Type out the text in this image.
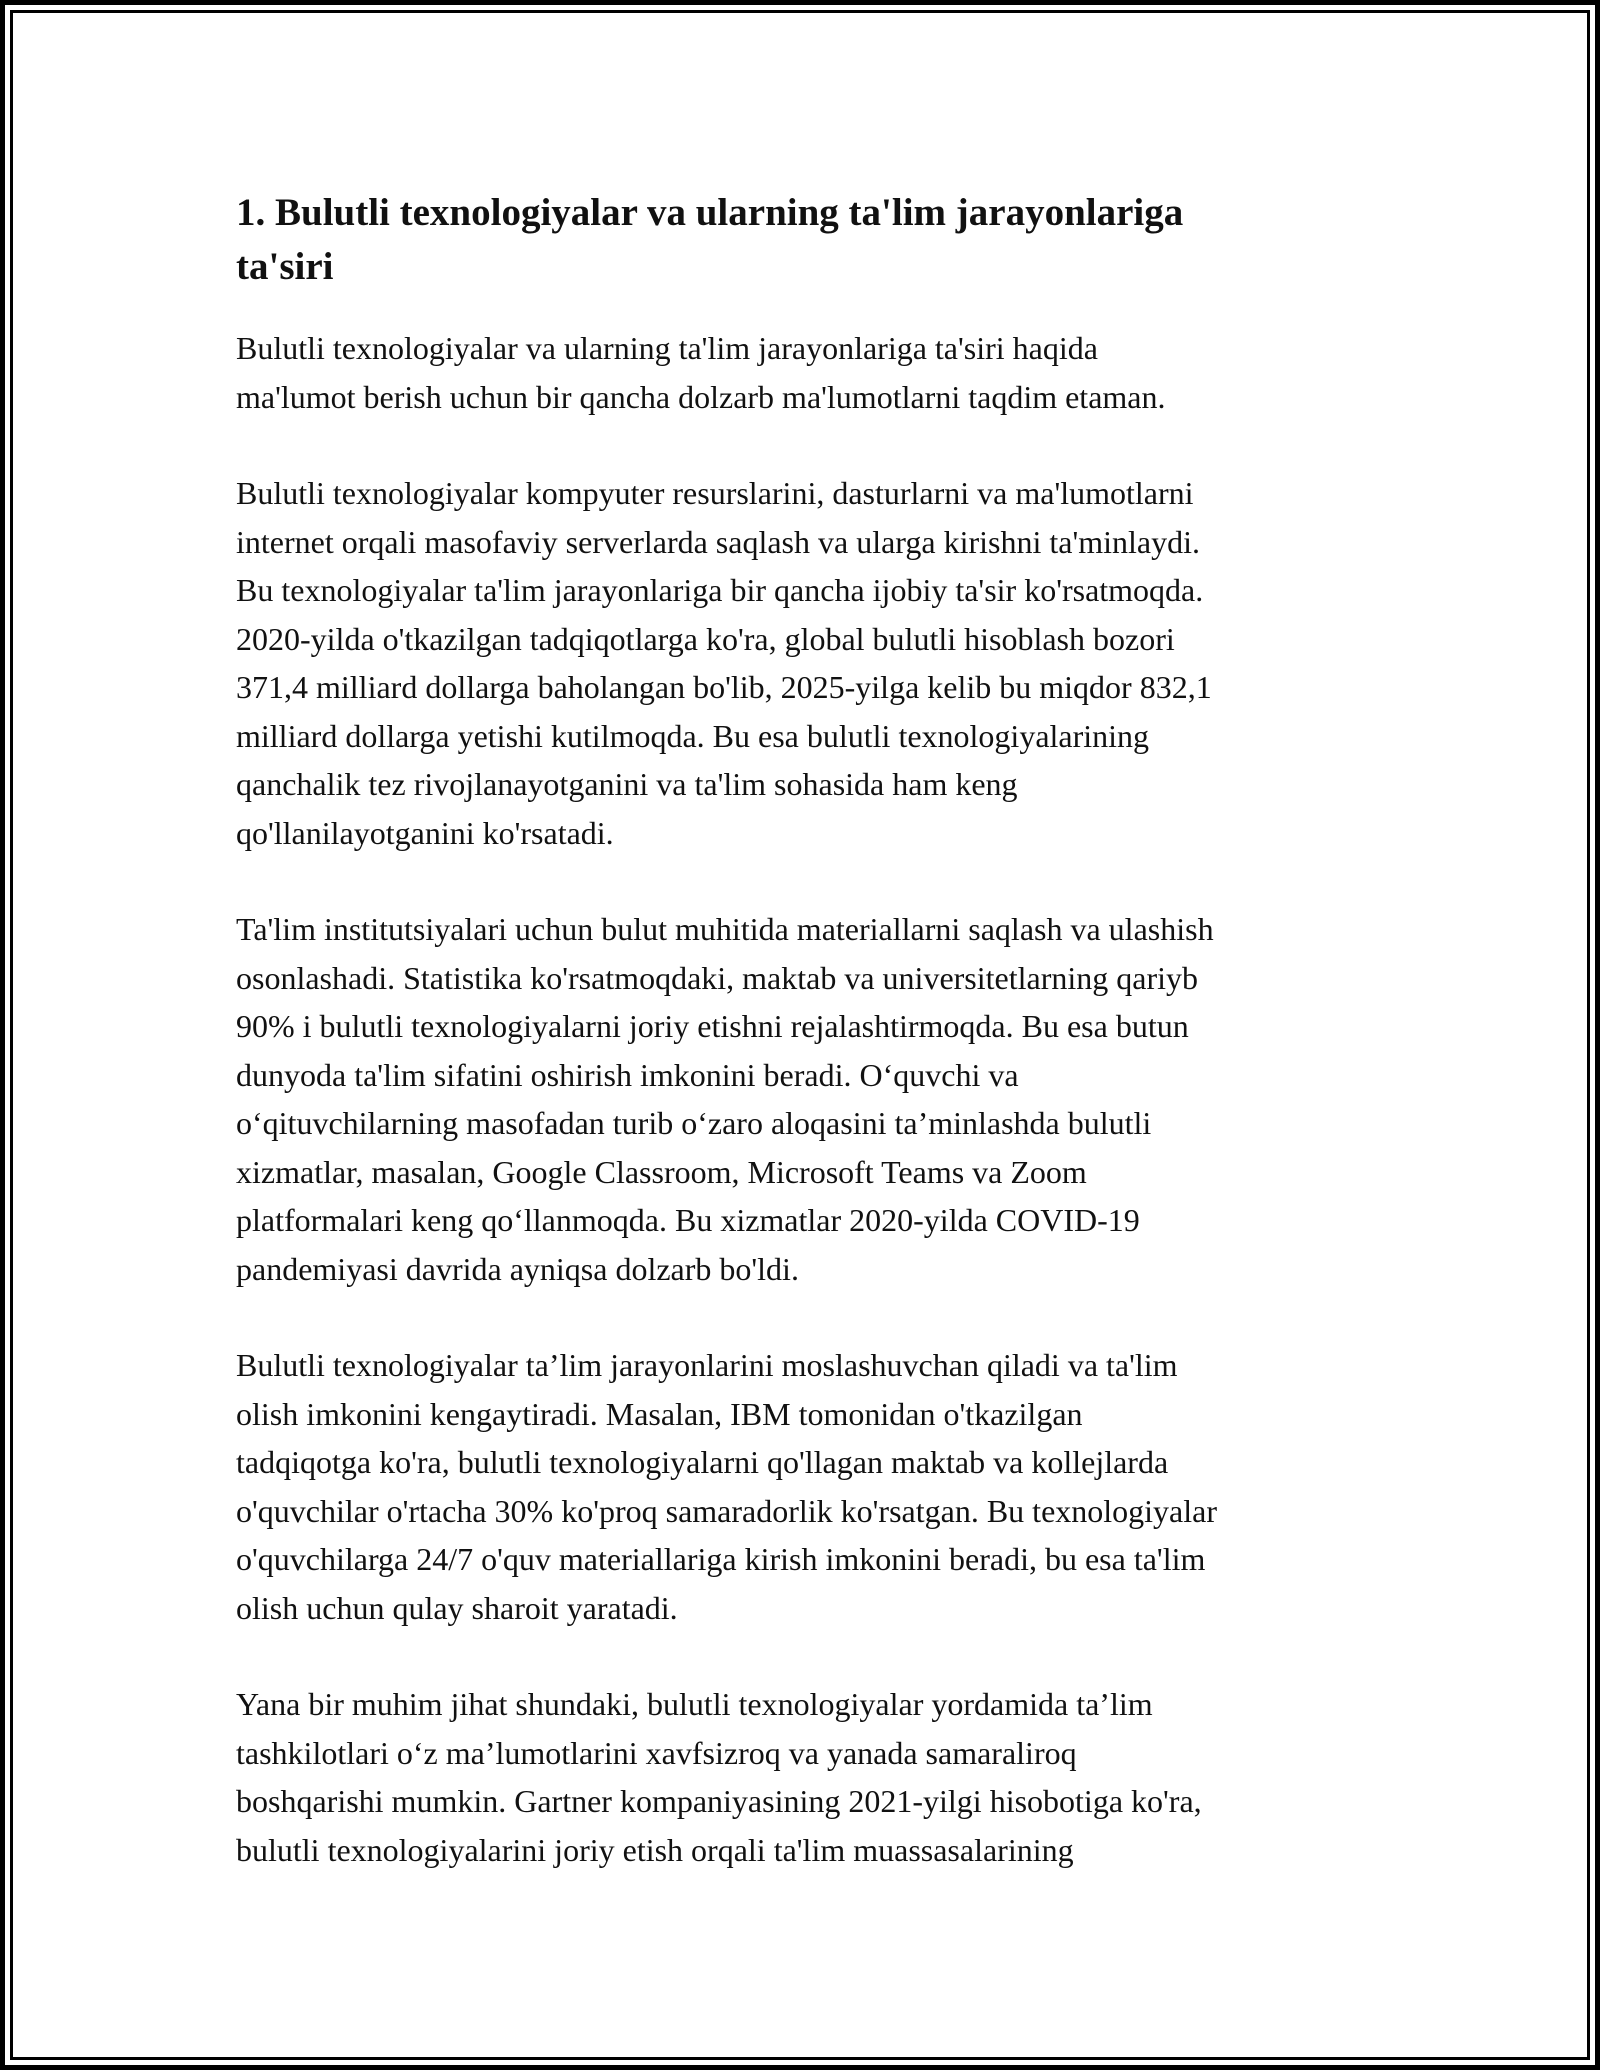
1. Bulutli texnologiyalar va ularning ta'lim jarayonlariga
ta'siri

Bulutli texnologiyalar va ularning ta'lim jarayonlariga ta'siri haqida
ma'lumot berish uchun bir qancha dolzarb ma'lumotlarni taqdim etaman.

Bulutli texnologiyalar kompyuter resurslarini, dasturlarni va ma'lumotlarni
internet orqali masofaviy serverlarda saqlash va ularga kirishni ta'minlaydi.
Bu texnologiyalar ta'lim jarayonlariga bir qancha ijobiy ta'sir ko'rsatmoqda.
2020-yilda o'tkazilgan tadqiqotlarga ko'ra, global bulutli hisoblash bozori
371,4 milliard dollarga baholangan bo'lib, 2025-yilga kelib bu miqdor 832,1
milliard dollarga yetishi kutilmoqda. Bu esa bulutli texnologiyalarining
qanchalik tez rivojlanayotganini va ta'lim sohasida ham keng
qo'llanilayotganini ko'rsatadi.

Ta'lim institutsiyalari uchun bulut muhitida materiallarni saqlash va ulashish
osonlashadi. Statistika ko'rsatmoqdaki, maktab va universitetlarning qariyb
90% i bulutli texnologiyalarni joriy etishni rejalashtirmoqda. Bu esa butun
dunyoda ta'lim sifatini oshirish imkonini beradi. O‘quvchi va
o‘qituvchilarning masofadan turib o‘zaro aloqasini ta’minlashda bulutli
xizmatlar, masalan, Google Classroom, Microsoft Teams va Zoom
platformalari keng qo‘llanmoqda. Bu xizmatlar 2020-yilda COVID-19
pandemiyasi davrida ayniqsa dolzarb bo'ldi.

Bulutli texnologiyalar ta’lim jarayonlarini moslashuvchan qiladi va ta'lim
olish imkonini kengaytiradi. Masalan, IBM tomonidan o'tkazilgan
tadqiqotga ko'ra, bulutli texnologiyalarni qo'llagan maktab va kollejlarda
o'quvchilar o'rtacha 30% ko'proq samaradorlik ko'rsatgan. Bu texnologiyalar
o'quvchilarga 24/7 o'quv materiallariga kirish imkonini beradi, bu esa ta'lim
olish uchun qulay sharoit yaratadi.

Yana bir muhim jihat shundaki, bulutli texnologiyalar yordamida ta’lim
tashkilotlari o‘z ma’lumotlarini xavfsizroq va yanada samaraliroq
boshqarishi mumkin. Gartner kompaniyasining 2021-yilgi hisobotiga ko'ra,
bulutli texnologiyalarini joriy etish orqali ta'lim muassasalarining
